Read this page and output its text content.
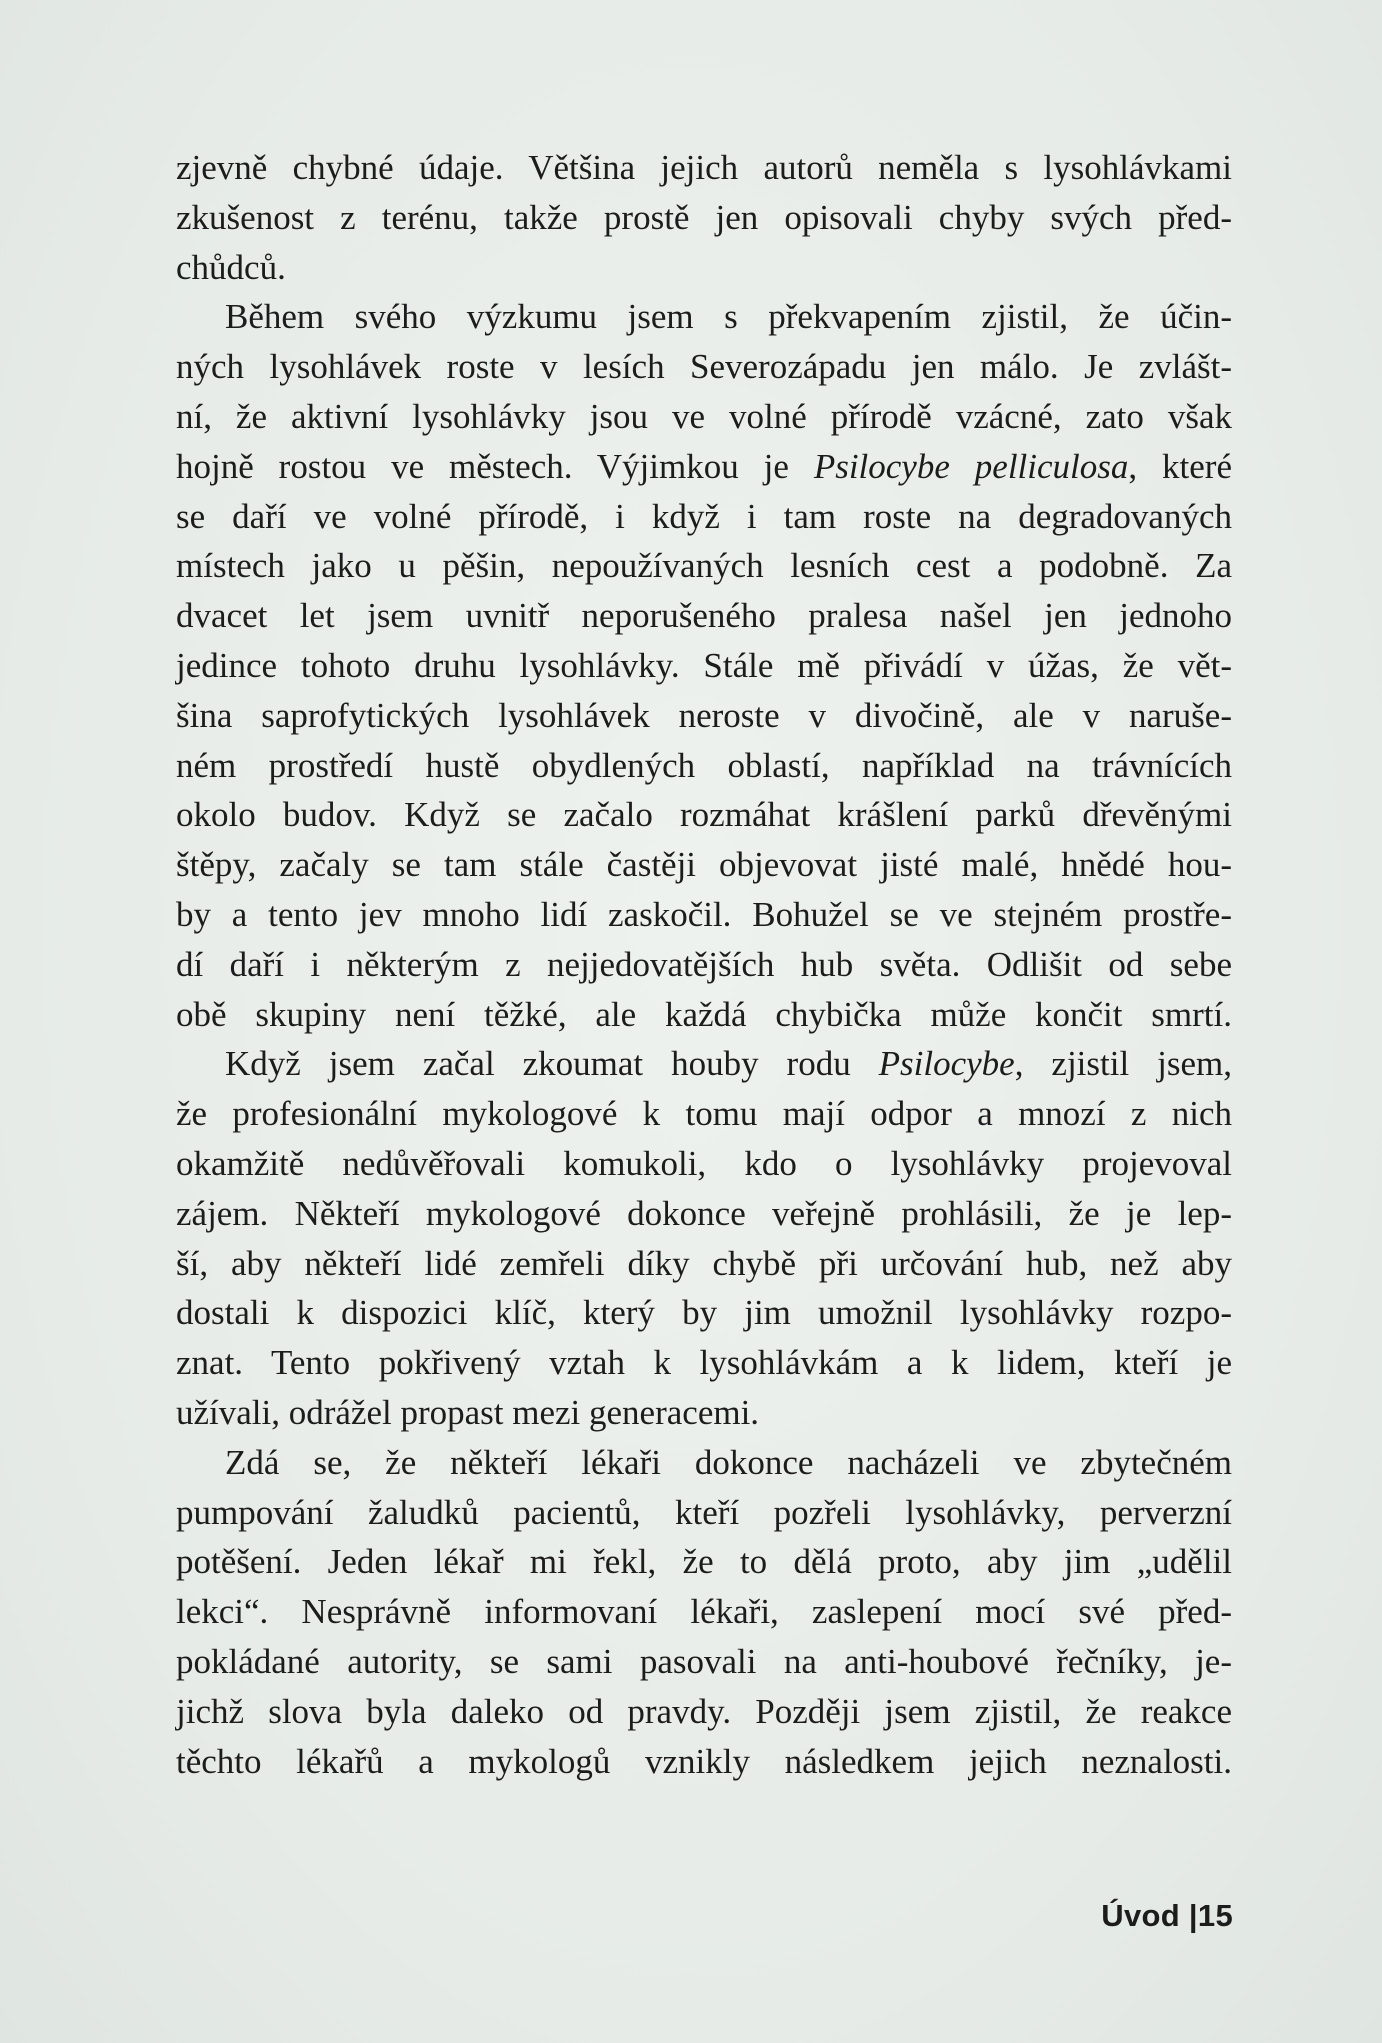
zjevně chybné údaje. Většina jejich autorů neměla s lysohlávkami
zkušenost z terénu, takže prostě jen opisovali chyby svých před-
chůdců.
Během svého výzkumu jsem s překvapením zjistil, že účin-
ných lysohlávek roste v lesích Severozápadu jen málo. Je zvlášt-
ní, že aktivní lysohlávky jsou ve volné přírodě vzácné, zato však
hojně rostou ve městech. Výjimkou je Psilocybe pelliculosa, které
se daří ve volné přírodě, i když i tam roste na degradovaných
místech jako u pěšin, nepoužívaných lesních cest a podobně. Za
dvacet let jsem uvnitř neporušeného pralesa našel jen jednoho
jedince tohoto druhu lysohlávky. Stále mě přivádí v úžas, že vět-
šina saprofytických lysohlávek neroste v divočině, ale v naruše-
ném prostředí hustě obydlených oblastí, například na trávnících
okolo budov. Když se začalo rozmáhat krášlení parků dřevěnými
štěpy, začaly se tam stále častěji objevovat jisté malé, hnědé hou-
by a tento jev mnoho lidí zaskočil. Bohužel se ve stejném prostře-
dí daří i některým z nejjedovatějších hub světa. Odlišit od sebe
obě skupiny není těžké, ale každá chybička může končit smrtí.
Když jsem začal zkoumat houby rodu Psilocybe, zjistil jsem,
že profesionální mykologové k tomu mají odpor a mnozí z nich
okamžitě nedůvěřovali komukoli, kdo o lysohlávky projevoval
zájem. Někteří mykologové dokonce veřejně prohlásili, že je lep-
ší, aby někteří lidé zemřeli díky chybě při určování hub, než aby
dostali k dispozici klíč, který by jim umožnil lysohlávky rozpo-
znat. Tento pokřivený vztah k lysohlávkám a k lidem, kteří je
užívali, odrážel propast mezi generacemi.
Zdá se, že někteří lékaři dokonce nacházeli ve zbytečném
pumpování žaludků pacientů, kteří pozřeli lysohlávky, perverzní
potěšení. Jeden lékař mi řekl, že to dělá proto, aby jim „udělil
lekci“. Nesprávně informovaní lékaři, zaslepení mocí své před-
pokládané autority, se sami pasovali na anti-houbové řečníky, je-
jichž slova byla daleko od pravdy. Později jsem zjistil, že reakce
těchto lékařů a mykologů vznikly následkem jejich neznalosti.
Úvod |15
